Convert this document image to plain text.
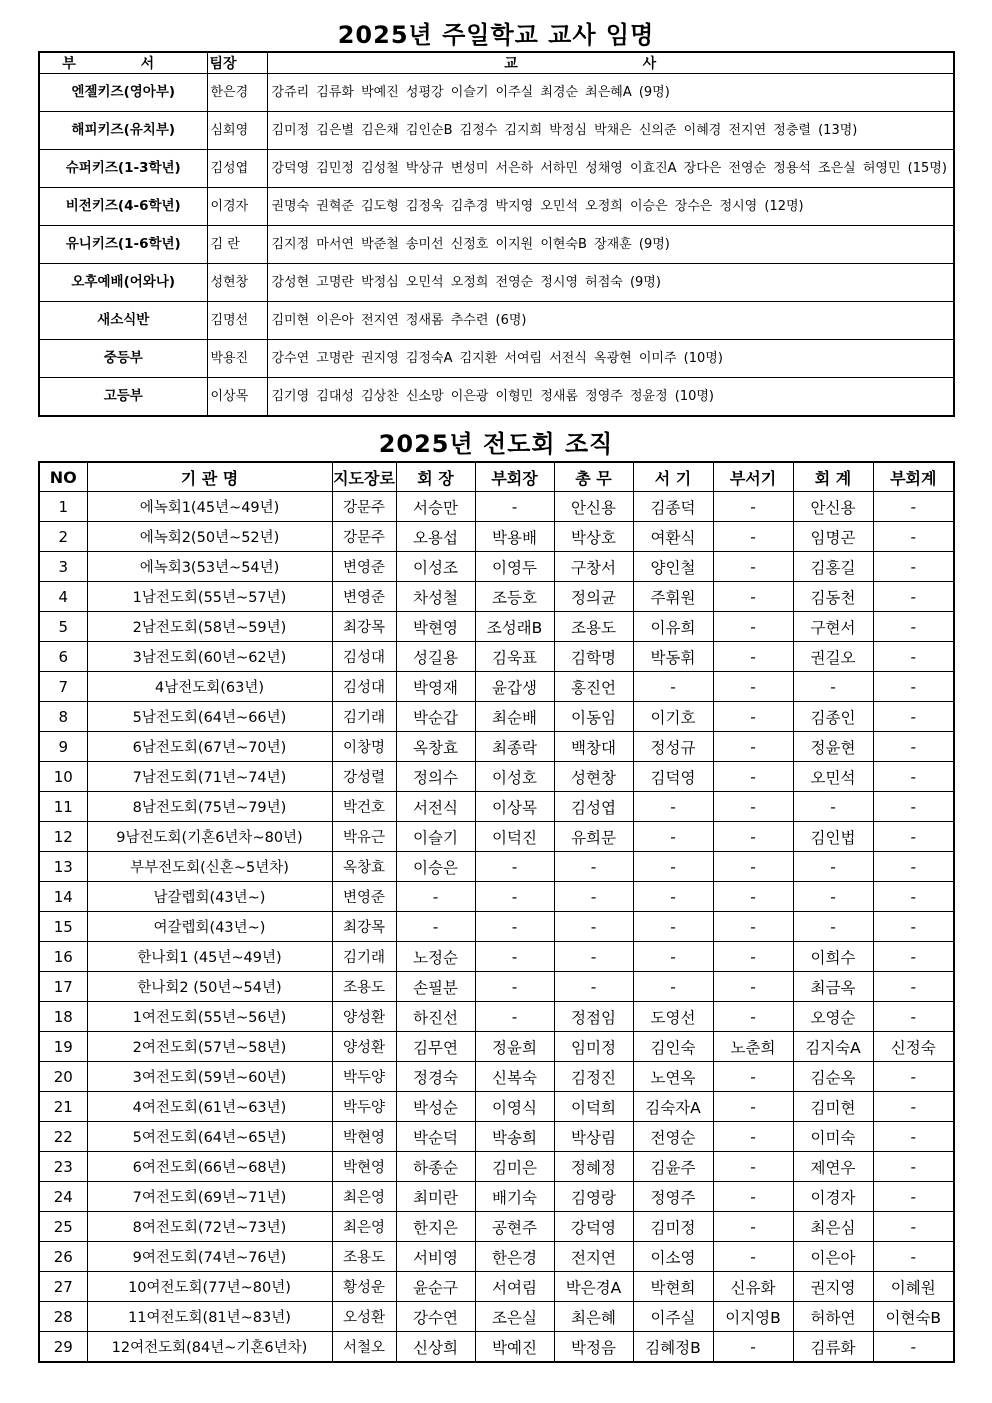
2025년 주일학교 교사 임명
부 서	팀장	교 사
엔젤키즈(영아부)	한은경	강쥬리 김류화 박예진 성평강 이슬기 이주실 최경순 최은혜A (9명)
해피키즈(유치부)	심회영	김미정 김은별 김은채 김인순B 김정수 김지희 박정심 박채은 신의준 이혜경 전지연 정충렬 (13명)
슈퍼키즈(1-3학년)	김성엽	강덕영 김민정 김성철 박상규 변성미 서은하 서하민 성채영 이효진A 장다은 전영순 정용석 조은실 허영민 (15명)
비전키즈(4-6학년)	이경자	권명숙 권혁준 김도형 김정욱 김추경 박지영 오민석 오정희 이승은 장수은 정시영 (12명)
유니키즈(1-6학년)	김 란	김지정 마서연 박준철 송미선 신정호 이지원 이현숙B 장재훈 (9명)
오후예배(어와나)	성현창	강성현 고명란 박정심 오민석 오정희 전영순 정시영 허점숙 (9명)
새소식반	김명선	김미현 이은아 전지연 정새롬 추수련 (6명)
중등부	박용진	강수연 고명란 권지영 김정숙A 김지환 서여림 서전식 옥광현 이미주 (10명)
고등부	이상목	김기영 김대성 김상찬 신소망 이은광 이형민 정새롬 정영주 정윤정 (10명)
2025년 전도회 조직
NO	기 관 명	지도장로	회 장	부회장	총 무	서 기	부서기	회 계	부회계
1	에녹회1(45년~49년)	강문주	서승만	-	안신용	김종덕	-	안신용	-
2	에녹회2(50년~52년)	강문주	오용섭	박용배	박상호	여환식	-	임명곤	-
3	에녹회3(53년~54년)	변영준	이성조	이영두	구창서	양인철	-	김홍길	-
4	1남전도회(55년~57년)	변영준	차성철	조등호	정의균	주휘원	-	김동천	-
5	2남전도회(58년~59년)	최강목	박현영	조성래B	조용도	이유희	-	구현서	-
6	3남전도회(60년~62년)	김성대	성길용	김욱표	김학명	박동휘	-	권길오	-
7	4남전도회(63년)	김성대	박영재	윤갑생	홍진언	-	-	-	-
8	5남전도회(64년~66년)	김기래	박순갑	최순배	이동임	이기호	-	김종인	-
9	6남전도회(67년~70년)	이창명	옥창효	최종락	백창대	정성규	-	정윤현	-
10	7남전도회(71년~74년)	강성렬	정의수	이성호	성현창	김덕영	-	오민석	-
11	8남전도회(75년~79년)	박건호	서전식	이상목	김성엽	-	-	-	-
12	9남전도회(기혼6년차~80년)	박유근	이슬기	이덕진	유희문	-	-	김인법	-
13	부부전도회(신혼~5년차)	옥창효	이승은	-	-	-	-	-	-
14	남갈렙회(43년~)	변영준	-	-	-	-	-	-	-
15	여갈렙회(43년~)	최강목	-	-	-	-	-	-	-
16	한나회1 (45년~49년)	김기래	노정순	-	-	-	-	이희수	-
17	한나회2 (50년~54년)	조용도	손필분	-	-	-	-	최금옥	-
18	1여전도회(55년~56년)	양성환	하진선	-	정점임	도영선	-	오영순	-
19	2여전도회(57년~58년)	양성환	김무연	정윤희	임미정	김인숙	노춘희	김지숙A	신정숙
20	3여전도회(59년~60년)	박두양	정경숙	신복숙	김정진	노연옥	-	김순옥	-
21	4여전도회(61년~63년)	박두양	박성순	이영식	이덕희	김숙자A	-	김미현	-
22	5여전도회(64년~65년)	박현영	박순덕	박송희	박상림	전영순	-	이미숙	-
23	6여전도회(66년~68년)	박현영	하종순	김미은	정혜정	김윤주	-	제연우	-
24	7여전도회(69년~71년)	최은영	최미란	배기숙	김영랑	정영주	-	이경자	-
25	8여전도회(72년~73년)	최은영	한지은	공현주	강덕영	김미정	-	최은심	-
26	9여전도회(74년~76년)	조용도	서비영	한은경	전지연	이소영	-	이은아	-
27	10여전도회(77년~80년)	황성운	윤순구	서여림	박은경A	박현희	신유화	권지영	이혜원
28	11여전도회(81년~83년)	오성환	강수연	조은실	최은혜	이주실	이지영B	허하연	이현숙B
29	12여전도회(84년~기혼6년차)	서철오	신상희	박예진	박정음	김혜정B	-	김류화	-
